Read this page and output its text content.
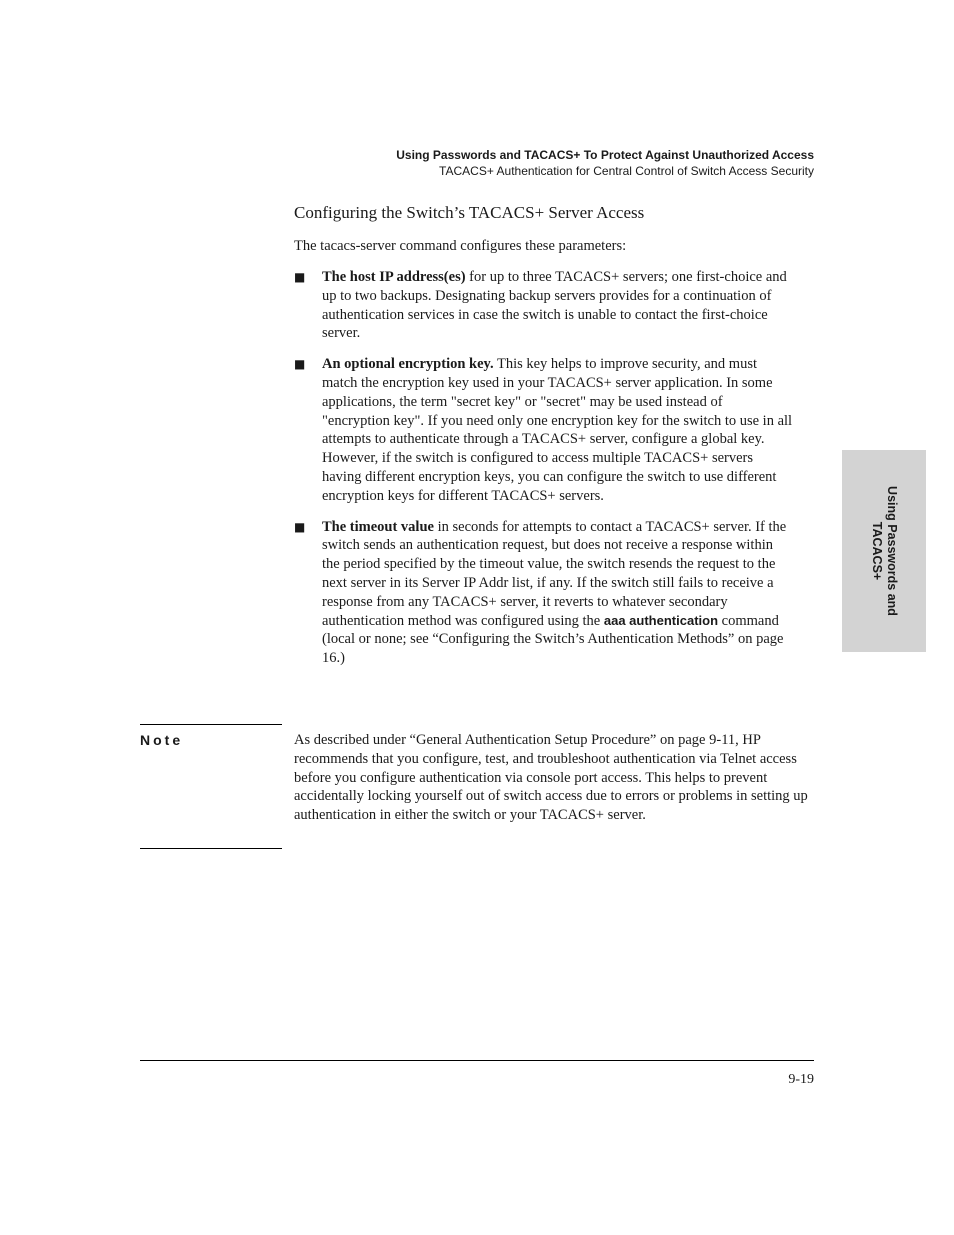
Using Passwords and TACACS+ To Protect Against Unauthorized Access
TACACS+ Authentication for Central Control of Switch Access Security
Configuring the Switch’s TACACS+ Server Access

The tacacs-server command configures these parameters:

■ The host IP address(es) for up to three TACACS+ servers; one first-choice and up to two backups. Designating backup servers provides for a continuation of authentication services in case the switch is unable to contact the first-choice server.
■ An optional encryption key. This key helps to improve security, and must match the encryption key used in your TACACS+ server application. In some applications, the term "secret key" or "secret" may be used instead of "encryption key". If you need only one encryption key for the switch to use in all attempts to authenticate through a TACACS+ server, configure a global key. However, if the switch is configured to access multiple TACACS+ servers having different encryption keys, you can configure the switch to use different encryption keys for different TACACS+ servers.
■ The timeout value in seconds for attempts to contact a TACACS+ server. If the switch sends an authentication request, but does not receive a response within the period specified by the timeout value, the switch resends the request to the next server in its Server IP Addr list, if any. If the switch still fails to receive a response from any TACACS+ server, it reverts to whatever secondary authentication method was configured using the aaa authentication command (local or none; see “Configuring the Switch’s Authentication Methods” on page 16.)
Note	As described under “General Authentication Setup Procedure” on page 9-11, HP recommends that you configure, test, and troubleshoot authentication via Telnet access before you configure authentication via console port access. This helps to prevent accidentally locking yourself out of switch access due to errors or problems in setting up authentication in either the switch or your TACACS+ server.

Using Passwords and TACACS+
9-19
